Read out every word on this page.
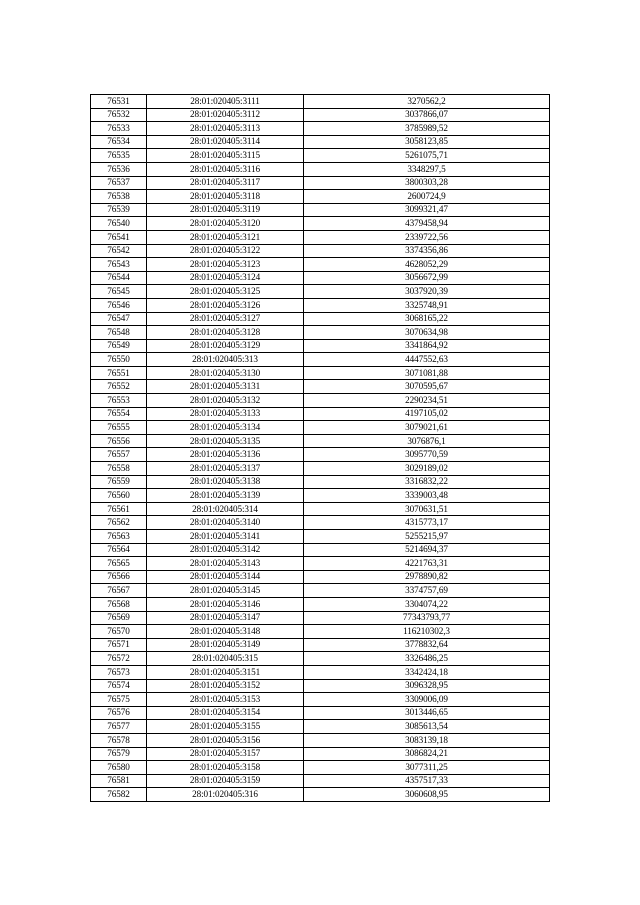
76531	28:01:020405:3111	3270562,2
76532	28:01:020405:3112	3037866,07
76533	28:01:020405:3113	3785989,52
76534	28:01:020405:3114	3058123,85
76535	28:01:020405:3115	5261075,71
76536	28:01:020405:3116	3348297,5
76537	28:01:020405:3117	3800303,28
76538	28:01:020405:3118	2600724,9
76539	28:01:020405:3119	3099321,47
76540	28:01:020405:3120	4379458,94
76541	28:01:020405:3121	2339722,56
76542	28:01:020405:3122	3374356,86
76543	28:01:020405:3123	4628052,29
76544	28:01:020405:3124	3056672,99
76545	28:01:020405:3125	3037920,39
76546	28:01:020405:3126	3325748,91
76547	28:01:020405:3127	3068165,22
76548	28:01:020405:3128	3070634,98
76549	28:01:020405:3129	3341864,92
76550	28:01:020405:313	4447552,63
76551	28:01:020405:3130	3071081,88
76552	28:01:020405:3131	3070595,67
76553	28:01:020405:3132	2290234,51
76554	28:01:020405:3133	4197105,02
76555	28:01:020405:3134	3079021,61
76556	28:01:020405:3135	3076876,1
76557	28:01:020405:3136	3095770,59
76558	28:01:020405:3137	3029189,02
76559	28:01:020405:3138	3316832,22
76560	28:01:020405:3139	3339003,48
76561	28:01:020405:314	3070631,51
76562	28:01:020405:3140	4315773,17
76563	28:01:020405:3141	5255215,97
76564	28:01:020405:3142	5214694,37
76565	28:01:020405:3143	4221763,31
76566	28:01:020405:3144	2978890,82
76567	28:01:020405:3145	3374757,69
76568	28:01:020405:3146	3304074,22
76569	28:01:020405:3147	77343793,77
76570	28:01:020405:3148	116210302,3
76571	28:01:020405:3149	3778832,64
76572	28:01:020405:315	3326486,25
76573	28:01:020405:3151	3342424,18
76574	28:01:020405:3152	3096328,95
76575	28:01:020405:3153	3309006,09
76576	28:01:020405:3154	3013446,65
76577	28:01:020405:3155	3085613,54
76578	28:01:020405:3156	3083139,18
76579	28:01:020405:3157	3086824,21
76580	28:01:020405:3158	3077311,25
76581	28:01:020405:3159	4357517,33
76582	28:01:020405:316	3060608,95
